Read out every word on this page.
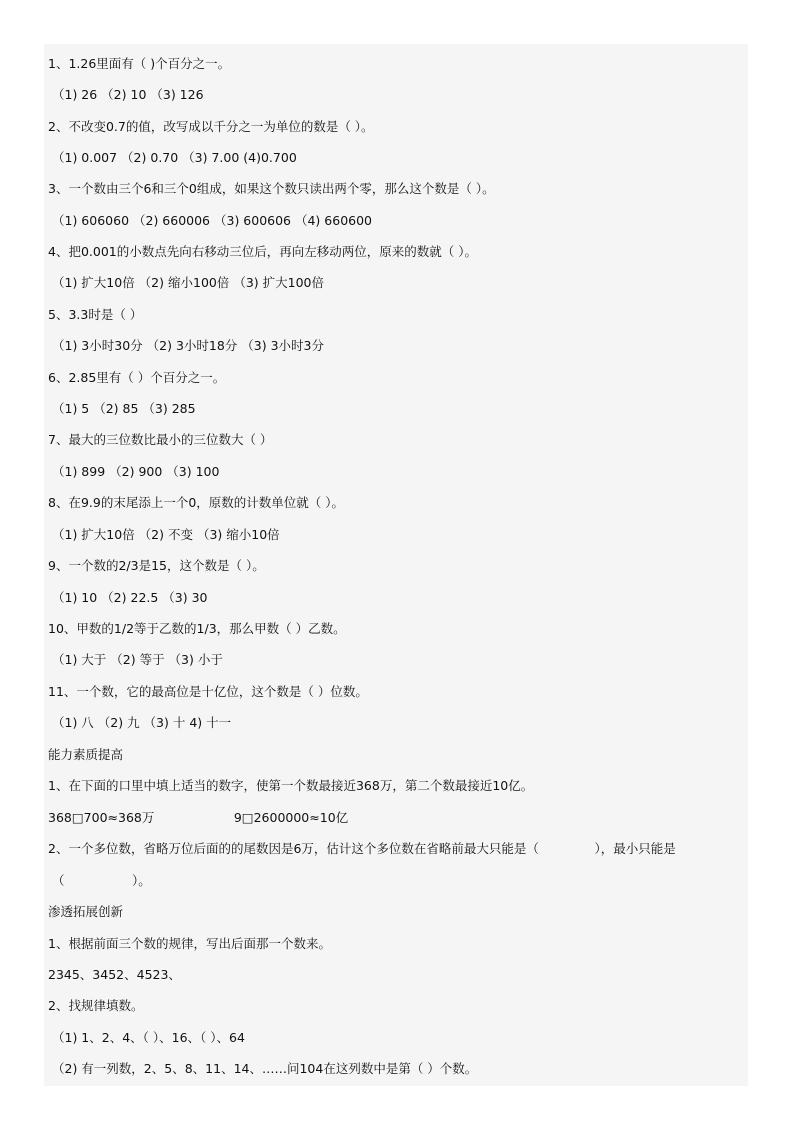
1、1.26里面有（ )个百分之一。
（1) 26 （2) 10 （3) 126
2、不改变0.7的值，改写成以千分之一为单位的数是（ ）。
（1) 0.007 （2) 0.70 （3) 7.00 (4)0.700
3、一个数由三个6和三个0组成，如果这个数只读出两个零，那么这个数是（ ）。
（1) 606060 （2) 660006 （3) 600606 （4) 660600
4、把0.001的小数点先向右移动三位后，再向左移动两位，原来的数就（ ）。
（1) 扩大10倍 （2) 缩小100倍 （3) 扩大100倍
5、3.3时是（ ）
（1) 3小时30分 （2) 3小时18分 （3) 3小时3分
6、2.85里有（ ）个百分之一。
（1) 5 （2) 85 （3) 285
7、最大的三位数比最小的三位数大（ ）
（1) 899 （2) 900 （3) 100
8、在9.9的末尾添上一个0，原数的计数单位就（ ）。
（1) 扩大10倍 （2) 不变 （3) 缩小10倍
9、一个数的2/3是15，这个数是（ ）。
（1) 10 （2) 22.5 （3) 30
10、甲数的1/2等于乙数的1/3，那么甲数（ ）乙数。
（1) 大于 （2) 等于 （3) 小于
11、一个数，它的最高位是十亿位，这个数是（ ）位数。
（1) 八 （2) 九 （3) 十 4) 十一
能力素质提高
1、在下面的口里中填上适当的数字，使第一个数最接近368万，第二个数最接近10亿。
368□700≈368万                    9□2600000≈10亿
2、一个多位数，省略万位后面的的尾数因是6万，估计这个多位数在省略前最大只能是（              ），最小只能是
（                 ）。
渗透拓展创新
1、根据前面三个数的规律，写出后面那一个数来。
2345、3452、4523、
2、找规律填数。
（1) 1、2、4、（ ）、16、（ ）、64
（2) 有一列数，2、5、8、11、14、……问104在这列数中是第（ ）个数。
